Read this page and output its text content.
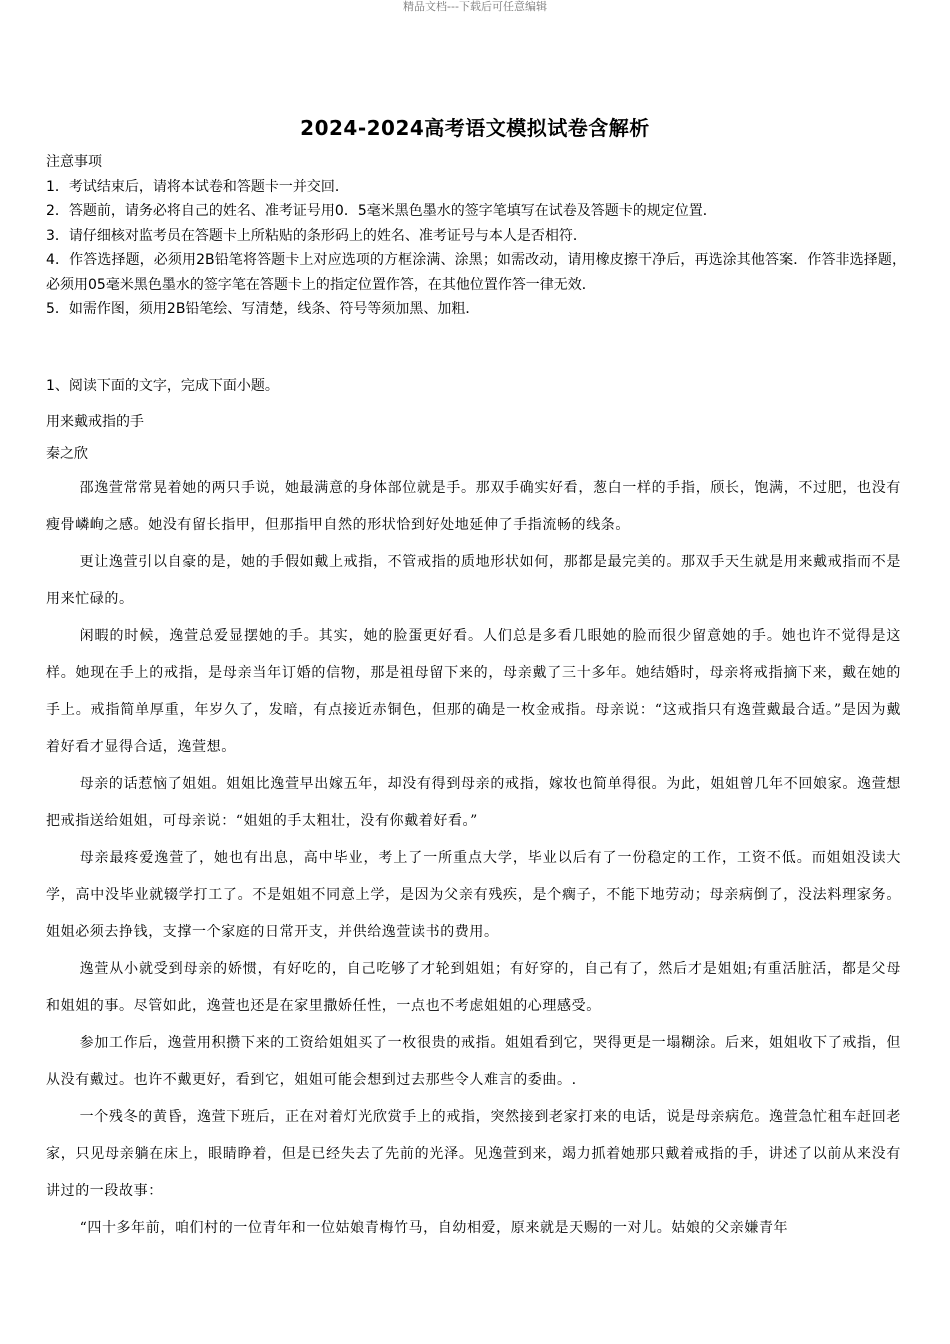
精品文档---下载后可任意编辑
2024-2024高考语文模拟试卷含解析
注意事项
1．考试结束后，请将本试卷和答题卡一并交回．
2．答题前，请务必将自己的姓名、准考证号用0．5毫米黑色墨水的签字笔填写在试卷及答题卡的规定位置．
3．请仔细核对监考员在答题卡上所粘贴的条形码上的姓名、准考证号与本人是否相符．
4．作答选择题，必须用2B铅笔将答题卡上对应选项的方框涂满、涂黑；如需改动，请用橡皮擦干净后，再选涂其他答案．作答非选择题，必须用05毫米黑色墨水的签字笔在答题卡上的指定位置作答，在其他位置作答一律无效．
5．如需作图，须用2B铅笔绘、写清楚，线条、符号等须加黑、加粗．
1、阅读下面的文字，完成下面小题。
用来戴戒指的手
秦之欣

邵逸萱常常晃着她的两只手说，她最满意的身体部位就是手。那双手确实好看，葱白一样的手指，颀长，饱满，不过肥，也没有瘦骨嶙峋之感。她没有留长指甲，但那指甲自然的形状恰到好处地延伸了手指流畅的线条。

更让逸萱引以自豪的是，她的手假如戴上戒指，不管戒指的质地形状如何，那都是最完美的。那双手天生就是用来戴戒指而不是用来忙碌的。

闲暇的时候，逸萱总爱显摆她的手。其实，她的脸蛋更好看。人们总是多看几眼她的脸而很少留意她的手。她也许不觉得是这样。她现在手上的戒指，是母亲当年订婚的信物，那是祖母留下来的，母亲戴了三十多年。她结婚时，母亲将戒指摘下来，戴在她的手上。戒指简单厚重，年岁久了，发暗，有点接近赤铜色，但那的确是一枚金戒指。母亲说：“这戒指只有逸萱戴最合适。”是因为戴着好看才显得合适，逸萱想。

母亲的话惹恼了姐姐。姐姐比逸萱早出嫁五年，却没有得到母亲的戒指，嫁妆也简单得很。为此，姐姐曾几年不回娘家。逸萱想把戒指送给姐姐，可母亲说：“姐姐的手太粗壮，没有你戴着好看。”

母亲最疼爱逸萱了，她也有出息，高中毕业，考上了一所重点大学，毕业以后有了一份稳定的工作，工资不低。而姐姐没读大学，高中没毕业就辍学打工了。不是姐姐不同意上学，是因为父亲有残疾，是个瘸子，不能下地劳动；母亲病倒了，没法料理家务。姐姐必须去挣钱，支撑一个家庭的日常开支，并供给逸萱读书的费用。

逸萱从小就受到母亲的娇惯，有好吃的，自己吃够了才轮到姐姐；有好穿的，自己有了，然后才是姐姐;有重活脏活，都是父母和姐姐的事。尽管如此，逸萱也还是在家里撒娇任性，一点也不考虑姐姐的心理感受。

参加工作后，逸萱用积攒下来的工资给姐姐买了一枚很贵的戒指。姐姐看到它，哭得更是一塌糊涂。后来，姐姐收下了戒指，但从没有戴过。也许不戴更好，看到它，姐姐可能会想到过去那些令人难言的委曲。.

一个残冬的黄昏，逸萱下班后，正在对着灯光欣赏手上的戒指，突然接到老家打来的电话，说是母亲病危。逸萱急忙租车赶回老家，只见母亲躺在床上，眼睛睁着，但是已经失去了先前的光泽。见逸萱到来，竭力抓着她那只戴着戒指的手，讲述了以前从来没有讲过的一段故事：

“四十多年前，咱们村的一位青年和一位姑娘青梅竹马，自幼相爱，原来就是天赐的一对儿。姑娘的父亲嫌青年
